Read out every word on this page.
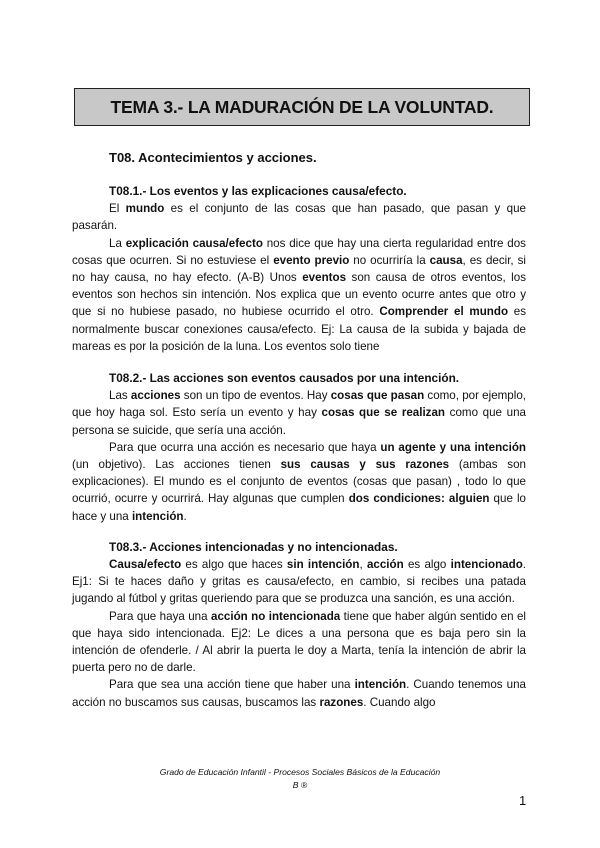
TEMA 3.- LA MADURACIÓN DE LA VOLUNTAD.
T08. Acontecimientos y acciones.
T08.1.- Los eventos y las explicaciones causa/efecto.

El mundo es el conjunto de las cosas que han pasado, que pasan y que pasarán.

La explicación causa/efecto nos dice que hay una cierta regularidad entre dos cosas que ocurren. Si no estuviese el evento previo no ocurriría la causa, es decir, si no hay causa, no hay efecto. (A-B) Unos eventos son causa de otros eventos, los eventos son hechos sin intención. Nos explica que un evento ocurre antes que otro y que si no hubiese pasado, no hubiese ocurrido el otro. Comprender el mundo es normalmente buscar conexiones causa/efecto. Ej: La causa de la subida y bajada de mareas es por la posición de la luna. Los eventos solo tiene

T08.2.- Las acciones son eventos causados por una intención.

Las acciones son un tipo de eventos. Hay cosas que pasan como, por ejemplo, que hoy haga sol. Esto sería un evento y hay cosas que se realizan como que una persona se suicide, que sería una acción.

Para que ocurra una acción es necesario que haya un agente y una intención (un objetivo). Las acciones tienen sus causas y sus razones (ambas son explicaciones). El mundo es el conjunto de eventos (cosas que pasan) , todo lo que ocurrió, ocurre y ocurrirá. Hay algunas que cumplen dos condiciones: alguien que lo hace y una intención.

T08.3.- Acciones intencionadas y no intencionadas.

Causa/efecto es algo que haces sin intención, acción es algo intencionado. Ej1: Si te haces daño y gritas es causa/efecto, en cambio, si recibes una patada jugando al fútbol y gritas queriendo para que se produzca una sanción, es una acción.

Para que haya una acción no intencionada tiene que haber algún sentido en el que haya sido intencionada. Ej2: Le dices a una persona que es baja pero sin la intención de ofenderle. / Al abrir la puerta le doy a Marta, tenía la intención de abrir la puerta pero no de darle.

Para que sea una acción tiene que haber una intención. Cuando tenemos una acción no buscamos sus causas, buscamos las razones. Cuando algo

Grado de Educación Infantil - Procesos Sociales Básicos de la Educación
B ®
1
